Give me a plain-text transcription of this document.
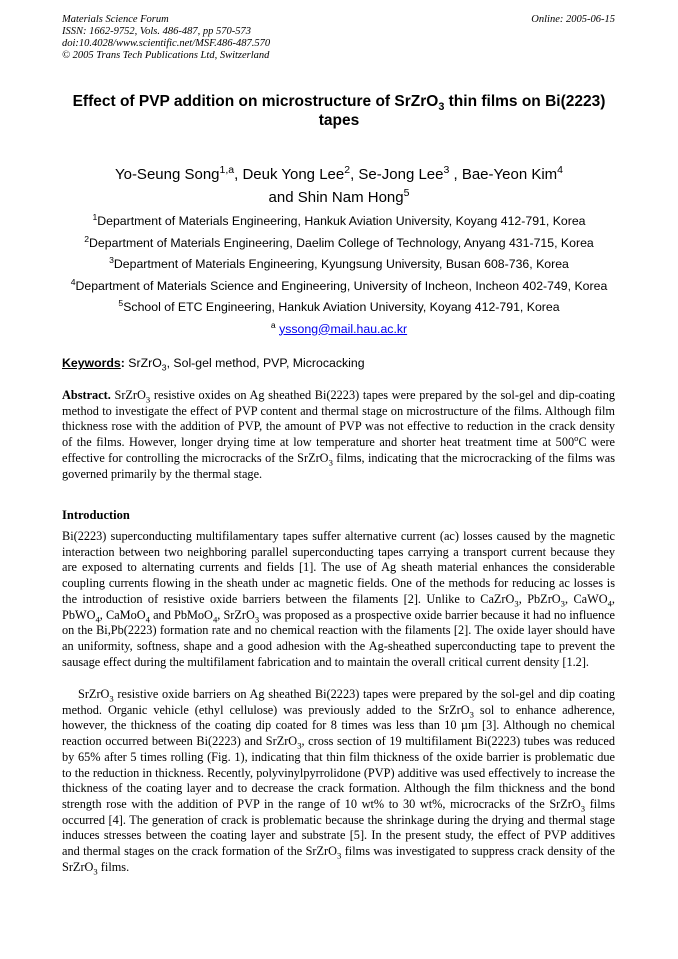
Materials Science Forum
ISSN: 1662-9752, Vols. 486-487, pp 570-573
doi:10.4028/www.scientific.net/MSF.486-487.570
© 2005 Trans Tech Publications Ltd, Switzerland
Online: 2005-06-15
Effect of PVP addition on microstructure of SrZrO$_3$ thin films on Bi(2223) tapes
Yo-Seung Song$^{1,a}$, Deuk Yong Lee$^2$, Se-Jong Lee$^3$ , Bae-Yeon Kim$^4$
and Shin Nam Hong$^5$
$^1$Department of Materials Engineering, Hankuk Aviation University, Koyang 412-791, Korea
$^2$Department of Materials Engineering, Daelim College of Technology, Anyang 431-715, Korea
$^3$Department of Materials Engineering, Kyungsung University, Busan 608-736, Korea
$^4$Department of Materials Science and Engineering, University of Incheon, Incheon 402-749, Korea
$^5$School of ETC Engineering, Hankuk Aviation University, Koyang 412-791, Korea
$^a$ yssong@mail.hau.ac.kr
Keywords: SrZrO$_3$, Sol-gel method, PVP, Microcacking
Abstract. SrZrO$_3$ resistive oxides on Ag sheathed Bi(2223) tapes were prepared by the sol-gel and dip-coating method to investigate the effect of PVP content and thermal stage on microstructure of the films. Although film thickness rose with the addition of PVP, the amount of PVP was not effective to reduction in the crack density of the films. However, longer drying time at low temperature and shorter heat treatment time at 500$^o$C were effective for controlling the microcracks of the SrZrO$_3$ films, indicating that the microcracking of the films was governed primarily by the thermal stage.
Introduction
Bi(2223) superconducting multifilamentary tapes suffer alternative current (ac) losses caused by the magnetic interaction between two neighboring parallel superconducting tapes carrying a transport current because they are exposed to alternating currents and fields [1]. The use of Ag sheath material enhances the considerable coupling currents flowing in the sheath under ac magnetic fields. One of the methods for reducing ac losses is the introduction of resistive oxide barriers between the filaments [2]. Unlike to CaZrO$_3$, PbZrO$_3$, CaWO$_4$, PbWO$_4$, CaMoO$_4$ and PbMoO$_4$, SrZrO$_3$ was proposed as a prospective oxide barrier because it had no influence on the Bi,Pb(2223) formation rate and no chemical reaction with the filaments [2]. The oxide layer should have an uniformity, softness, shape and a good adhesion with the Ag-sheathed superconducting tape to prevent the sausage effect during the multifilament fabrication and to maintain the overall critical current density [1.2].
SrZrO$_3$ resistive oxide barriers on Ag sheathed Bi(2223) tapes were prepared by the sol-gel and dip coating method. Organic vehicle (ethyl cellulose) was previously added to the SrZrO$_3$ sol to enhance adherence, however, the thickness of the coating dip coated for 8 times was less than 10 µm [3]. Although no chemical reaction occurred between Bi(2223) and SrZrO$_3$, cross section of 19 multifilament Bi(2223) tubes was reduced by 65% after 5 times rolling (Fig. 1), indicating that thin film thickness of the oxide barrier is problematic due to the reduction in thickness. Recently, polyvinylpyrrolidone (PVP) additive was used effectively to increase the thickness of the coating layer and to decrease the crack formation. Although the film thickness and the bond strength rose with the addition of PVP in the range of 10 wt% to 30 wt%, microcracks of the SrZrO$_3$ films occurred [4]. The generation of crack is problematic because the shrinkage during the drying and thermal stage induces stresses between the coating layer and substrate [5]. In the present study, the effect of PVP additives and thermal stages on the crack formation of the SrZrO$_3$ films was investigated to suppress crack density of the SrZrO$_3$ films.
